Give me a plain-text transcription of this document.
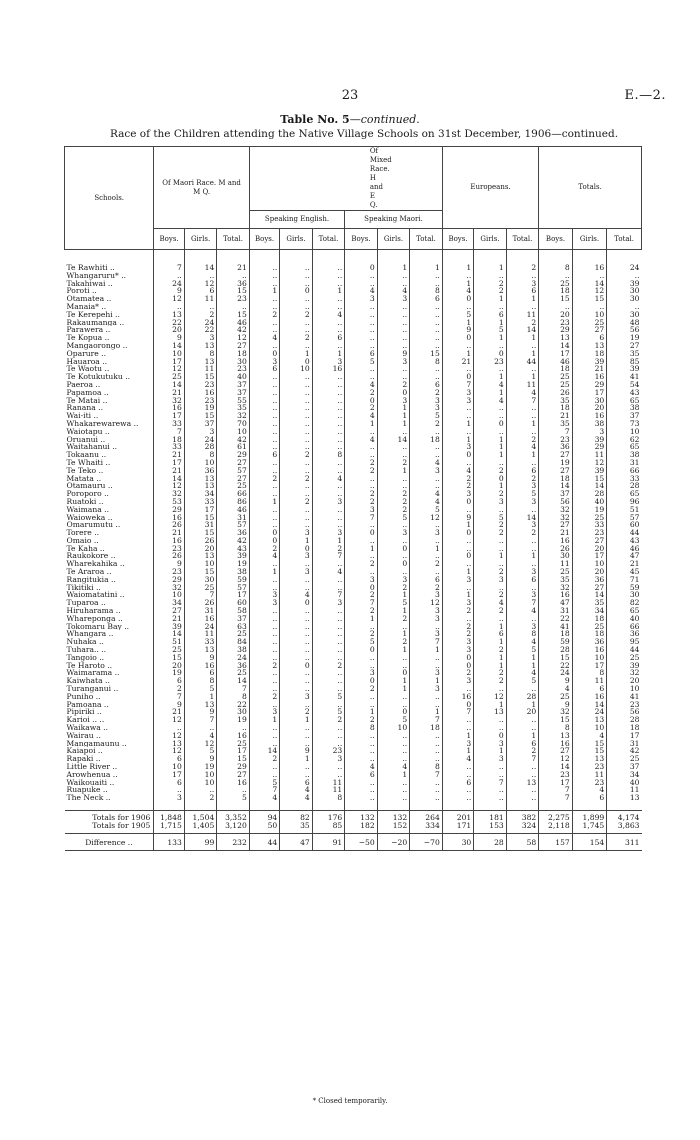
23	E.—2.
Table No. 5—continued.
Race of the Children attending the Native Village Schools on 31st December, 1906—continued.
Schools.	Of Maori Race. M and M Q.			Of Mixed Race. H and E Q.						Europeans.			Totals.		
				Speaking English.			Speaking Maori.								
	Boys.	Girls.	Total.	Boys.	Girls.	Total.	Boys.	Girls.	Total.	Boys.	Girls.	Total.	Boys.	Girls.	Total.

Te Rawhiti ..	7	14	21	..	..	..	0	1	1	1	1	2	8	16	24
Whangaruru* ..	..	..	..	..	..	..	..	..	..	..	..	..	..	..	..
Takahiwai ..	24	12	36	..	..	..	..	..	..	1	2	3	25	14	39
Poroti ..	9	6	15	1	0	1	4	4	8	4	2	6	18	12	30
Otamatea ..	12	11	23	..	..	..	3	3	6	0	1	1	15	15	30
Manaia* ..	..	..	..	..	..	..	..	..	..	..	..	..	..	..	..
Te Kerepehi ..	13	2	15	2	2	4	..	..	..	5	6	11	20	10	30
Rakaumanga ..	22	24	46	..	..	..	..	..	..	1	1	2	23	25	48
Parawera ..	20	22	42	..	..	..	..	..	..	9	5	14	29	27	56
Te Kopua ..	9	3	12	4	2	6	..	..	..	0	1	1	13	6	19
Mangaorongo ..	14	13	27	..	..	..	..	..	..	..	..	..	14	13	27
Oparure ..	10	8	18	0	1	1	6	9	15	1	0	1	17	18	35
Hauaroa ..	17	13	30	3	0	3	5	3	8	21	23	44	46	39	85
Te Waotu ..	12	11	23	6	10	16	..	..	..	..	..	..	18	21	39
Te Kotukutuku ..	25	15	40	..	..	..	..	..	..	0	1	1	25	16	41
Paeroa ..	14	23	37	..	..	..	4	2	6	7	4	11	25	29	54
Papamoa ..	21	16	37	..	..	..	2	0	2	3	1	4	26	17	43
Te Matai ..	32	23	55	..	..	..	0	3	3	3	4	7	35	30	65
Ranana ..	16	19	35	..	..	..	2	1	3	..	..	..	18	20	38
Wai-iti ..	17	15	32	..	..	..	4	1	5	..	..	..	21	16	37
Whakarewarewa ..	33	37	70	..	..	..	1	1	2	1	0	1	35	38	73
Waiotapu ..	7	3	10	..	..	..	..	..	..	..	..	..	7	3	10
Oruanui ..	18	24	42	..	..	..	4	14	18	1	1	2	23	39	62
Waitahanui ..	33	28	61	..	..	..	..	..	..	3	1	4	36	29	65
Tokaanu ..	21	8	29	6	2	8	..	..	..	0	1	1	27	11	38
Te Whaiti ..	17	10	27	..	..	..	2	2	4	..	..	..	19	12	31
Te Teko ..	21	36	57	..	..	..	2	1	3	4	2	6	27	39	66
Matata ..	14	13	27	2	2	4	..	..	..	2	0	2	18	15	33
Otamauru ..	12	13	25	..	..	..	..	..	..	2	1	3	14	14	28
Poroporo ..	32	34	66	..	..	..	2	2	4	3	2	5	37	28	65
Ruatoki ..	53	33	86	1	2	3	2	2	4	0	3	3	56	40	96
Waimana ..	29	17	46	..	..	..	3	2	5	..	..	..	32	19	51
Waioweka ..	16	15	31	..	..	..	7	5	12	9	5	14	32	25	57
Omarumutu ..	26	31	57	..	..	..	..	..	..	1	2	3	27	33	60
Torere ..	21	15	36	0	3	3	0	3	3	0	2	2	21	23	44
Omaio ..	16	26	42	0	1	1	..	..	..	..	..	..	16	27	43
Te Kaha ..	23	20	43	2	0	2	1	0	1	..	..	..	26	20	46
Raukokore ..	26	13	39	4	3	7	..	..	..	0	1	1	30	17	47
Wharekahika ..	9	10	19	..	..	..	2	0	2	..	..	..	11	10	21
Te Araroa ..	23	15	38	1	3	4	..	..	..	1	2	3	25	20	45
Rangitukia ..	29	30	59	..	..	..	3	3	6	3	3	6	35	36	71
Tikitiki ..	32	25	57	..	..	..	0	2	2	..	..	..	32	27	59
Waiomatatini ..	10	7	17	3	4	7	2	1	3	1	2	3	16	14	30
Tuparoa ..	34	26	60	3	0	3	7	5	12	3	4	7	47	35	82
Hiruharama ..	27	31	58	..	..	..	2	1	3	2	2	4	31	34	65
Whareponga ..	21	16	37	..	..	..	1	2	3	..	..	..	22	18	40
Tokomaru Bay ..	39	24	63	..	..	..	..	..	..	2	1	3	41	25	66
Whangara ..	14	11	25	..	..	..	2	1	3	2	6	8	18	18	36
Nuhaka ..	51	33	84	..	..	..	5	2	7	3	1	4	59	36	95
Tuhara.. ..	25	13	38	..	..	..	0	1	1	3	2	5	28	16	44
Tangoio ..	15	9	24	..	..	..	..	..	..	0	1	1	15	10	25
Te Haroto ..	20	16	36	2	0	2	..	..	..	0	1	1	22	17	39
Waimarama ..	19	6	25	..	..	..	3	0	3	2	2	4	24	8	32
Kaiwhata ..	6	8	14	..	..	..	0	1	1	3	2	5	9	11	20
Turanganui ..	2	5	7	..	..	..	2	1	3	..	..	..	4	6	10
Puniho ..	7	1	8	2	3	5	..	..	..	16	12	28	25	16	41
Pamoana ..	9	13	22	..	..	..	..	..	..	0	1	1	9	14	23
Pipiriki ..	21	9	30	3	2	5	1	0	1	7	13	20	32	24	56
Karioi .. ..	12	7	19	1	1	2	2	5	7	..	..	..	15	13	28
Waikawa ..	..	..	..	..	..	..	8	10	18	..	..	..	8	10	18
Wairau ..	12	4	16	..	..	..	..	..	..	1	0	1	13	4	17
Mangamaunu ..	13	12	25	..	..	..	..	..	..	3	3	6	16	15	31
Kaiapoi ..	12	5	17	14	9	23	..	..	..	1	1	2	27	15	42
Rapaki ..	6	9	15	2	1	3	..	..	..	4	3	7	12	13	25
Little River ..	10	19	29	..	..	..	4	4	8	..	..	..	14	23	37
Arowhenua ..	17	10	27	..	..	..	6	1	7	..	..	..	23	11	34
Waikouaiti ..	6	10	16	5	6	11	..	..	..	6	7	13	17	23	40
Ruapuke ..	..	..	..	7	4	11	..	..	..	..	..	..	7	4	11
The Neck ..	3	2	5	4	4	8	..	..	..	..	..	..	7	6	13

Totals for 1906	1,848	1,504	3,352	94	82	176	132	132	264	201	181	382	2,275	1,899	4,174
Totals for 1905	1,715	1,405	3,120	50	35	85	182	152	334	171	153	324	2,118	1,745	3,863
Difference ..	133	99	232	44	47	91	−50	−20	−70	30	28	58	157	154	311
* Closed temporarily.
